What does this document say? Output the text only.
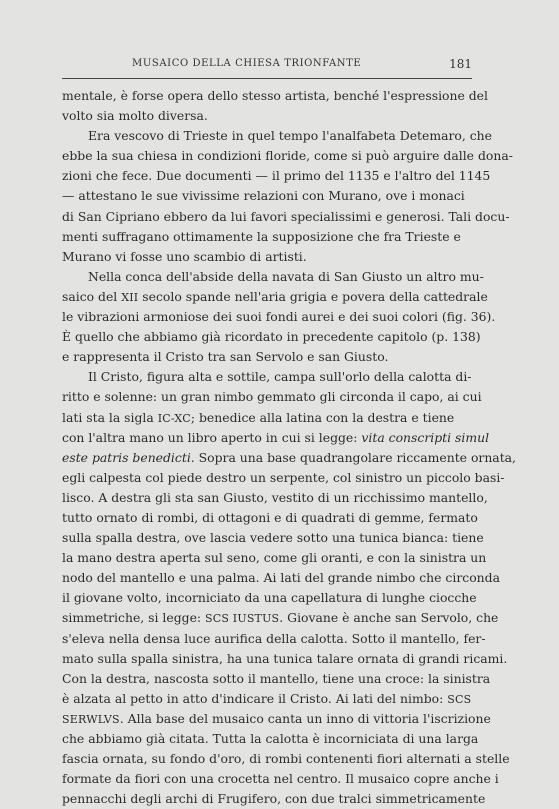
MUSAICO DELLA CHIESA TRIONFANTE	181
mentale, è forse opera dello stesso artista, benché l'espressione del
volto sia molto diversa.
Era vescovo di Trieste in quel tempo l'analfabeta Detemaro, che
ebbe la sua chiesa in condizioni floride, come si può arguire dalle dona-
zioni che fece. Due documenti — il primo del 1135 e l'altro del 1145
— attestano le sue vivissime relazioni con Murano, ove i monaci
di San Cipriano ebbero da lui favori specialissimi e generosi. Tali docu-
menti suffragano ottimamente la supposizione che fra Trieste e
Murano vi fosse uno scambio di artisti.
Nella conca dell'abside della navata di San Giusto un altro mu-
saico del XII secolo spande nell'aria grigia e povera della cattedrale
le vibrazioni armoniose dei suoi fondi aurei e dei suoi colori (fig. 36).
È quello che abbiamo già ricordato in precedente capitolo (p. 138)
e rappresenta il Cristo tra san Servolo e san Giusto.
Il Cristo, figura alta e sottile, campa sull'orlo della calotta di-
ritto e solenne: un gran nimbo gemmato gli circonda il capo, ai cui
lati sta la sigla IC-XC; benedice alla latina con la destra e tiene
con l'altra mano un libro aperto in cui si legge: vita conscripti simul
este patris benedicti. Sopra una base quadrangolare riccamente ornata,
egli calpesta col piede destro un serpente, col sinistro un piccolo basi-
lisco. A destra gli sta san Giusto, vestito di un ricchissimo mantello,
tutto ornato di rombi, di ottagoni e di quadrati di gemme, fermato
sulla spalla destra, ove lascia vedere sotto una tunica bianca: tiene
la mano destra aperta sul seno, come gli oranti, e con la sinistra un
nodo del mantello e una palma. Ai lati del grande nimbo che circonda
il giovane volto, incorniciato da una capellatura di lunghe ciocche
simmetriche, si legge: SCS IUSTUS. Giovane è anche san Servolo, che
s'eleva nella densa luce aurifica della calotta. Sotto il mantello, fer-
mato sulla spalla sinistra, ha una tunica talare ornata di grandi ricami.
Con la destra, nascosta sotto il mantello, tiene una croce: la sinistra
è alzata al petto in atto d'indicare il Cristo. Ai lati del nimbo: SCS
SERWLVS. Alla base del musaico canta un inno di vittoria l'iscrizione
che abbiamo già citata. Tutta la calotta è incorniciata di una larga
fascia ornata, su fondo d'oro, di rombi contenenti fiori alternati a stelle
formate da fiori con una crocetta nel centro. Il musaico copre anche i
pennacchi degli archi di Frugifero, con due tralci simmetricamente
